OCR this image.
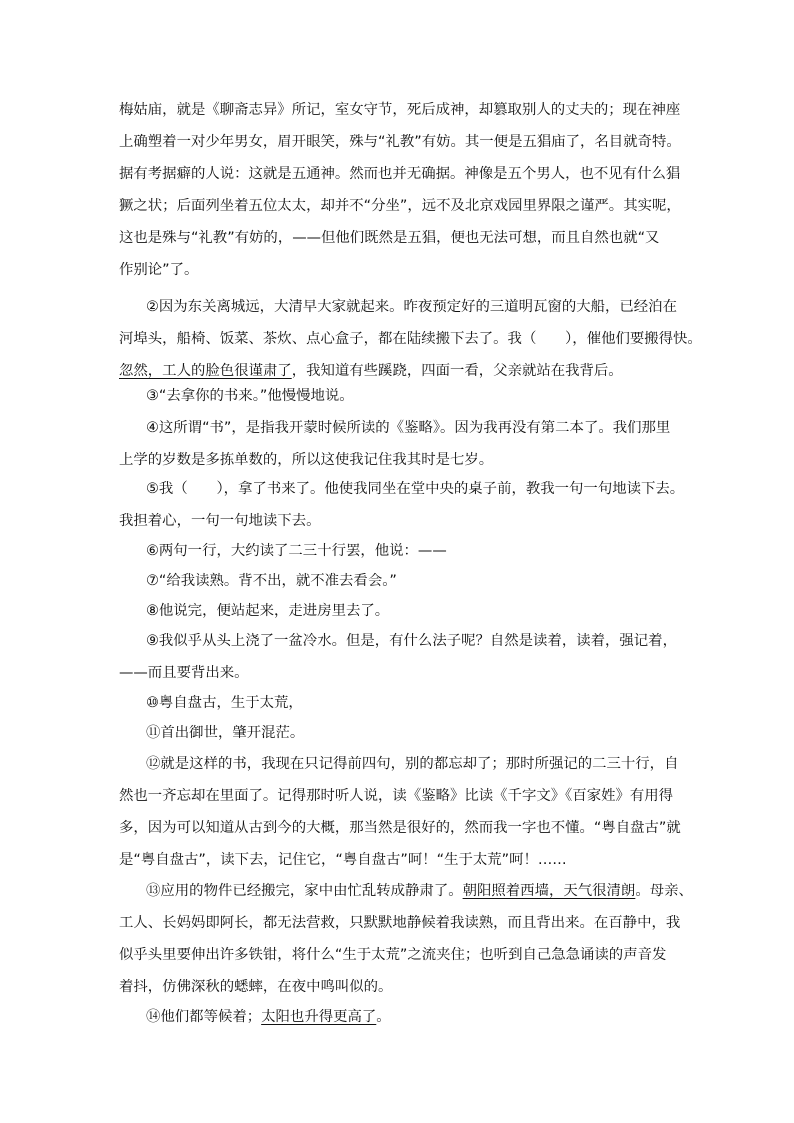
梅姑庙，就是《聊斋志异》所记，室女守节，死后成神，却篡取别人的丈夫的；现在神座
上确塑着一对少年男女，眉开眼笑，殊与“礼教”有妨。其一便是五猖庙了，名目就奇特。
据有考据癖的人说：这就是五通神。然而也并无确据。神像是五个男人，也不见有什么猖
獗之状；后面列坐着五位太太，却并不“分坐”，远不及北京戏园里界限之谨严。其实呢，
这也是殊与“礼教”有妨的，——但他们既然是五猖，便也无法可想，而且自然也就“又
作别论”了。
②因为东关离城远，大清早大家就起来。昨夜预定好的三道明瓦窗的大船，已经泊在
河埠头，船椅、饭菜、茶炊、点心盒子，都在陆续搬下去了。我（　　），催他们要搬得快。
忽然，工人的脸色很谨肃了，我知道有些蹊跷，四面一看，父亲就站在我背后。
③“去拿你的书来。”他慢慢地说。
④这所谓“书”，是指我开蒙时候所读的《鉴略》。因为我再没有第二本了。我们那里
上学的岁数是多拣单数的，所以这使我记住我其时是七岁。
⑤我（　　），拿了书来了。他使我同坐在堂中央的桌子前，教我一句一句地读下去。
我担着心，一句一句地读下去。
⑥两句一行，大约读了二三十行罢，他说：——
⑦“给我读熟。背不出，就不准去看会。”
⑧他说完，便站起来，走进房里去了。
⑨我似乎从头上浇了一盆冷水。但是，有什么法子呢？自然是读着，读着，强记着，
——而且要背出来。
⑩粤自盘古，生于太荒，
⑪首出御世，肇开混茫。
⑫就是这样的书，我现在只记得前四句，别的都忘却了；那时所强记的二三十行，自
然也一齐忘却在里面了。记得那时听人说，读《鉴略》比读《千字文》《百家姓》有用得
多，因为可以知道从古到今的大概，那当然是很好的，然而我一字也不懂。“粤自盘古”就
是“粤自盘古”，读下去，记住它，“粤自盘古”呵！“生于太荒”呵！……
⑬应用的物件已经搬完，家中由忙乱转成静肃了。朝阳照着西墙，天气很清朗。母亲、
工人、长妈妈即阿长，都无法营救，只默默地静候着我读熟，而且背出来。在百静中，我
似乎头里要伸出许多铁钳，将什么“生于太荒”之流夹住；也听到自己急急诵读的声音发
着抖，仿佛深秋的蟋蟀，在夜中鸣叫似的。
⑭他们都等候着；太阳也升得更高了。
